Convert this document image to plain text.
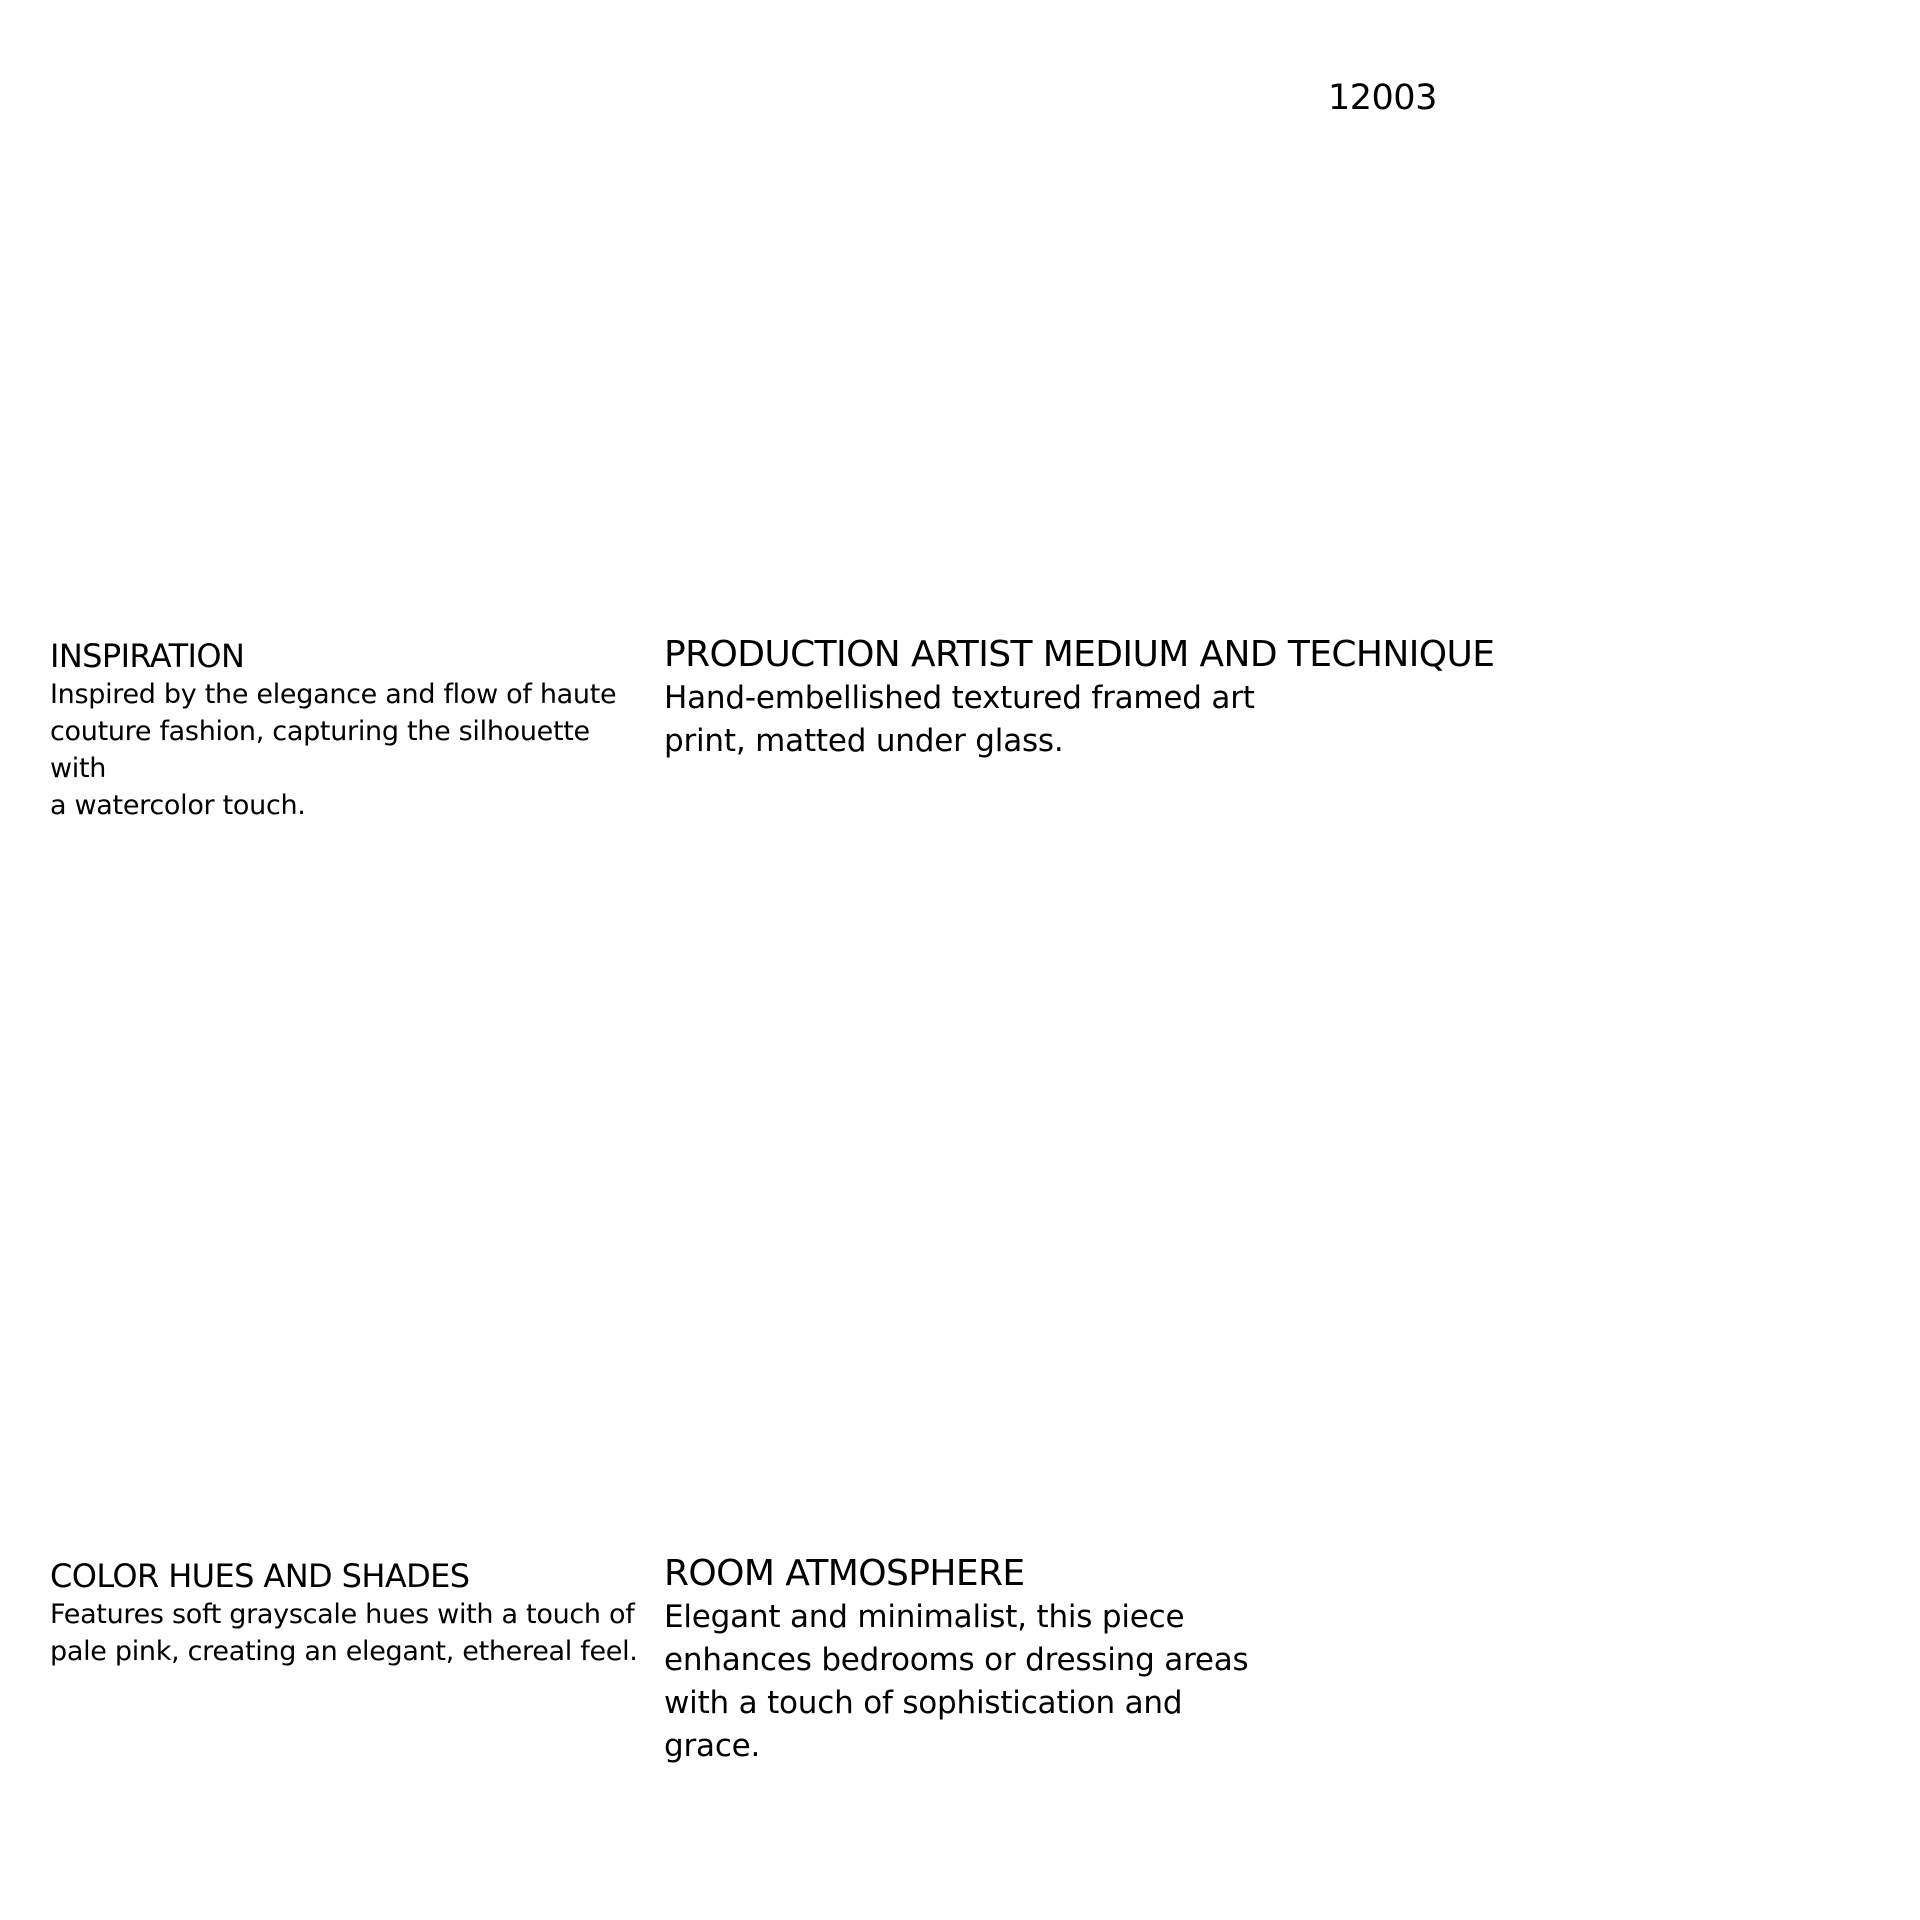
12003
INSPIRATION

Inspired by the elegance and flow of haute
couture fashion, capturing the silhouette with
a watercolor touch.

PRODUCTION ARTIST MEDIUM AND TECHNIQUE

Hand-embellished textured framed art
print, matted under glass.

COLOR HUES AND SHADES

Features soft grayscale hues with a touch of
pale pink, creating an elegant, ethereal feel.

ROOM ATMOSPHERE

Elegant and minimalist, this piece
enhances bedrooms or dressing areas
with a touch of sophistication and
grace.
